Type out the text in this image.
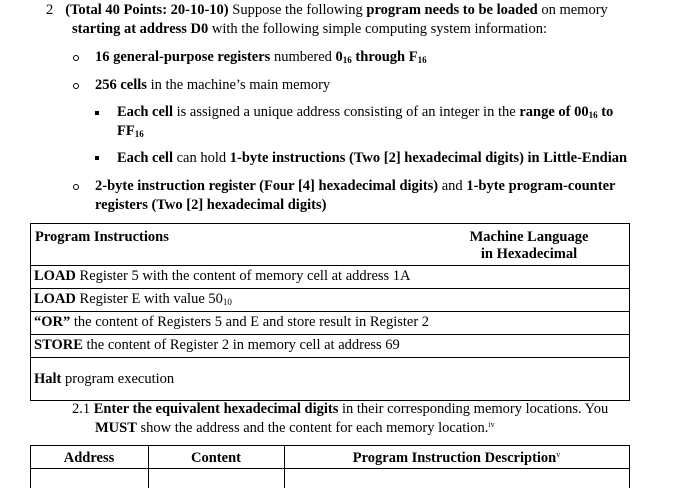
2 (Total 40 Points: 20-10-10) Suppose the following program needs to be loaded on memory
starting at address D0 with the following simple computing system information:
16 general-purpose registers numbered $0_{16}$ through $F_{16}$
256 cells in the machine’s main memory
Each cell is assigned a unique address consisting of an integer in the range of $00_{16}$ to
$FF_{16}$
Each cell can hold 1-byte instructions (Two [2] hexadecimal digits) in Little-Endian
2-byte instruction register (Four [4] hexadecimal digits) and 1-byte program-counter
registers (Two [2] hexadecimal digits)
Program Instructions	Machine Language
in Hexadecimal
LOAD Register 5 with the content of memory cell at address 1A
LOAD Register E with value $50_{10}$
“OR” the content of Registers 5 and E and store result in Register 2
STORE the content of Register 2 in memory cell at address 69
Halt program execution
2.1 Enter the equivalent hexadecimal digits in their corresponding memory locations. You
MUST show the address and the content for each memory location.$^{iv}$
Address	Content	Program Instruction Description$^v$
